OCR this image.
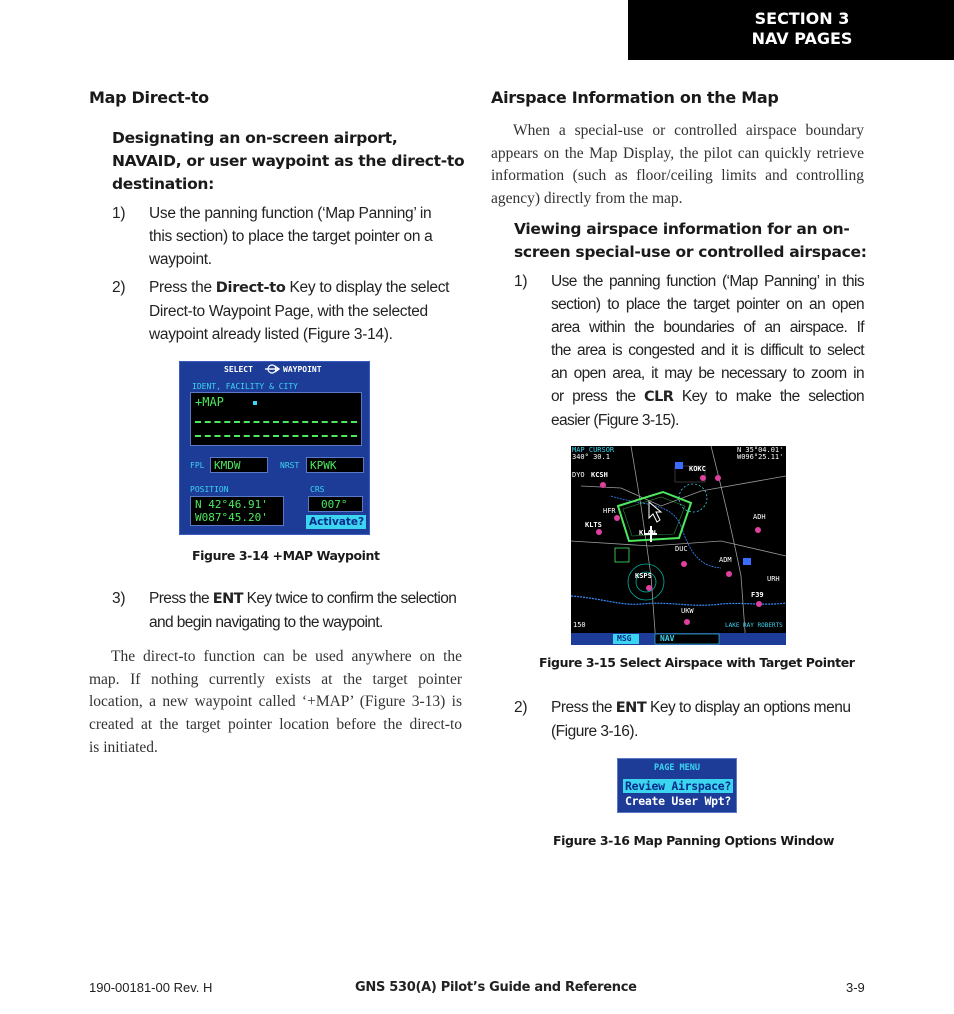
SECTION 3
NAV PAGES
Map Direct-to
Designating an on-screen airport,
NAVAID, or user waypoint as the direct-to
destination:
1) Use the panning function (‘Map Panning’ in
this section) to place the target pointer on a
waypoint.
2) Press the Direct-to Key to display the select
Direct-to Waypoint Page, with the selected
waypoint already listed (Figure 3-14).
SELECT	WAYPOINT
IDENT, FACILITY & CITY
+MAP
FPL KMDW	NRST KPWK
POSITION
N 42°46.91'
W087°45.20'
CRS
007°
Activate?
Figure 3-14 +MAP Waypoint
3) Press the ENT Key twice to confirm the selection
and begin navigating to the waypoint.
The direct-to function can be used anywhere on the
map. If nothing currently exists at the target pointer
location, a new waypoint called ‘+MAP’ (Figure 3-13) is
created at the target pointer location before the direct-to
is initiated.
Airspace Information on the Map
When a special-use or controlled airspace boundary
appears on the Map Display, the pilot can quickly retrieve
information (such as floor/ceiling limits and controlling
agency) directly from the map.
Viewing airspace information for an on-
screen special-use or controlled airspace:
1) Use the panning function (‘Map Panning’ in this
section) to place the target pointer on an open
area within the boundaries of an airspace. If
the area is congested and it is difficult to select
an open area, it may be necessary to zoom in
or press the CLR Key to make the selection
easier (Figure 3-15).
MAP CURSOR
340° 30.1
N 35°04.01'
W096°25.11'
DYO KCSH
KOKC
HFR
KLTS
KLAH
DUC
ADM
ADH
KSPS	URH
F39
UKW
LAKE RAY ROBERTS
150
MSG	NAV
Figure 3-15 Select Airspace with Target Pointer
2) Press the ENT Key to display an options menu
(Figure 3-16).
PAGE MENU
Review Airspace?
Create User Wpt?
Figure 3-16 Map Panning Options Window
190-00181-00 Rev. H	GNS 530(A) Pilot’s Guide and Reference	3-9
